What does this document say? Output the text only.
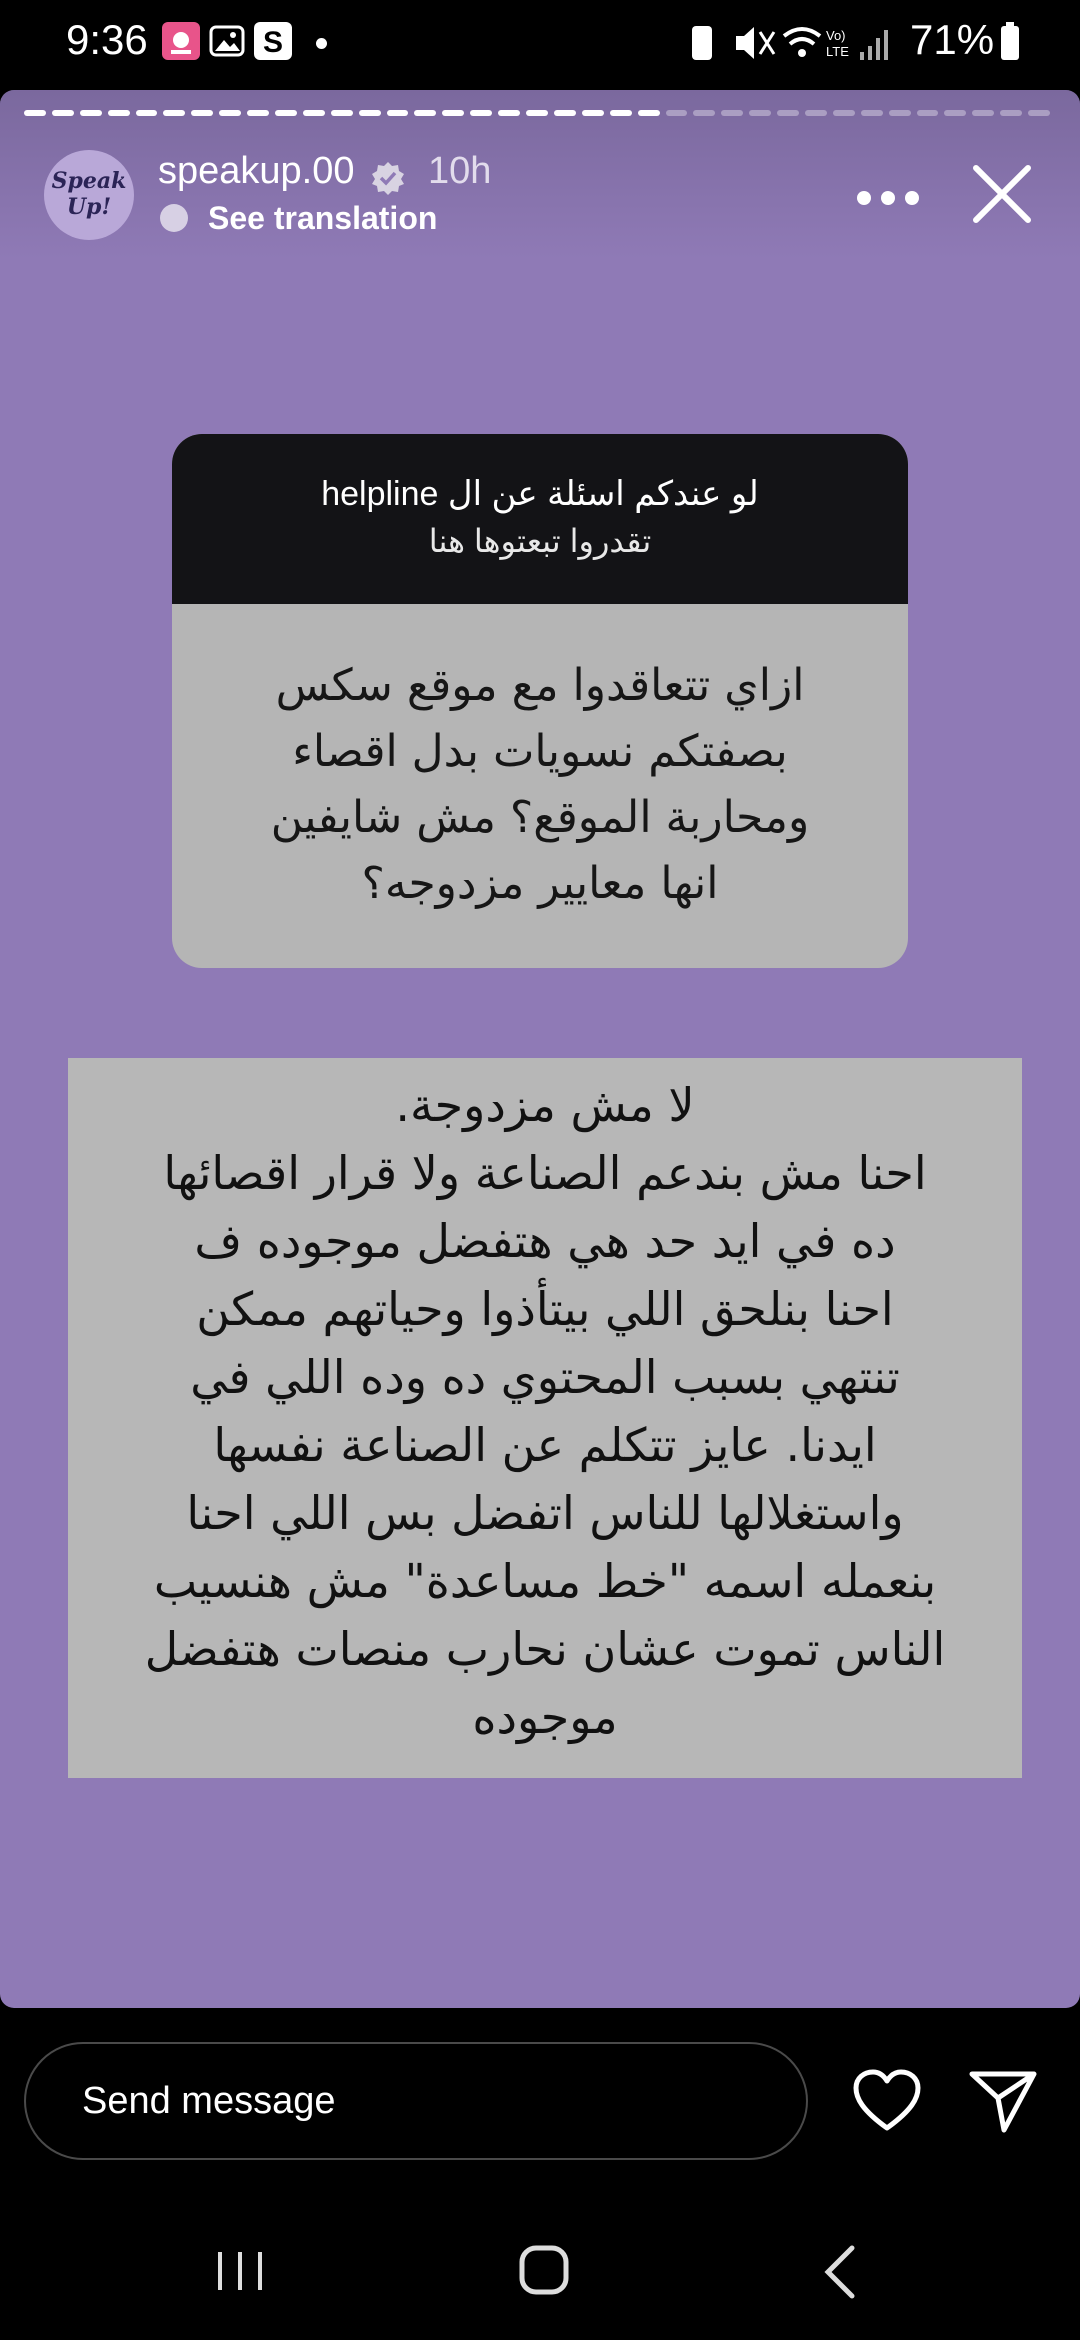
9:36	S	Vo)
LTE 71%
Speak
Up!
speakup.00 10h
See translation
لو عندكم اسئلة عن ال helpline
تقدروا تبعتوها هنا
ازاي تتعاقدوا مع موقع سكس
بصفتكم نسويات بدل اقصاء
ومحاربة الموقع؟ مش شايفين
انها معايير مزدوجه؟
لا مش مزدوجة.
احنا مش بندعم الصناعة ولا قرار اقصائها
ده في ايد حد هي هتفضل موجوده ف
احنا بنلحق اللي بيتأذوا وحياتهم ممكن
تنتهي بسبب المحتوي ده وده اللي في
ايدنا. عايز تتكلم عن الصناعة نفسها
واستغلالها للناس اتفضل بس اللي احنا
بنعمله اسمه "خط مساعدة" مش هنسيب
الناس تموت عشان نحارب منصات هتفضل
موجوده
Send message
